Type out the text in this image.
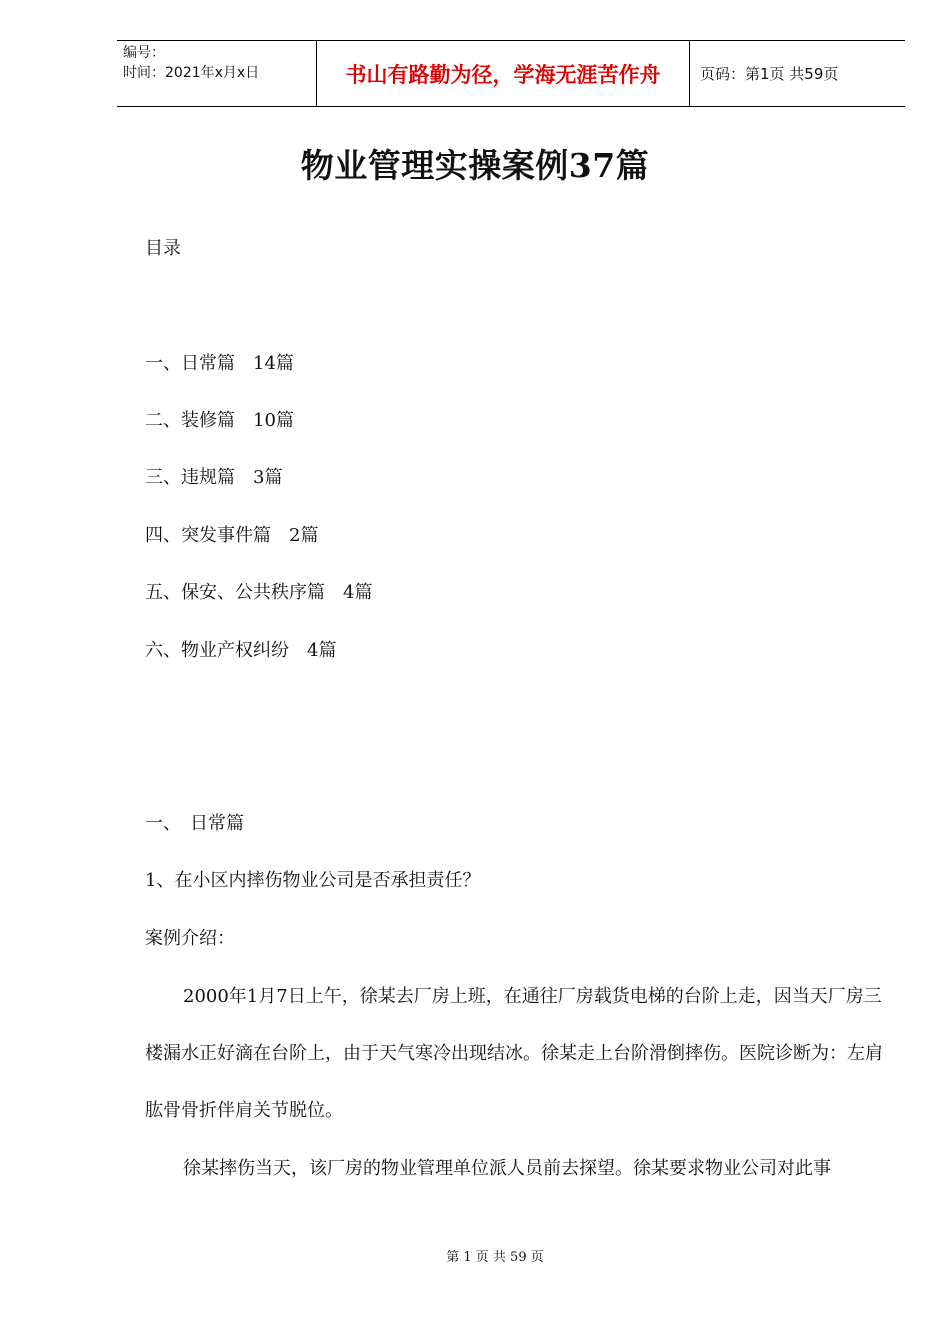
编号：
时间：2021年x月x日	书山有路勤为径，学海无涯苦作舟	页码：第1页 共59页
物业管理实操案例37篇
目录
一、日常篇　14篇
二、装修篇　10篇
三、违规篇　3篇
四、突发事件篇　2篇
五、保安、公共秩序篇　4篇
六、物业产权纠纷　4篇
一、　日常篇
1、在小区内摔伤物业公司是否承担责任？
案例介绍：
2000年1月7日上午，徐某去厂房上班，在通往厂房载货电梯的台阶上走，因当天厂房三楼漏水正好滴在台阶上，由于天气寒冷出现结冰。徐某走上台阶滑倒摔伤。医院诊断为：左肩肱骨骨折伴肩关节脱位。
徐某摔伤当天，该厂房的物业管理单位派人员前去探望。徐某要求物业公司对此事
第 1 页 共 59 页
